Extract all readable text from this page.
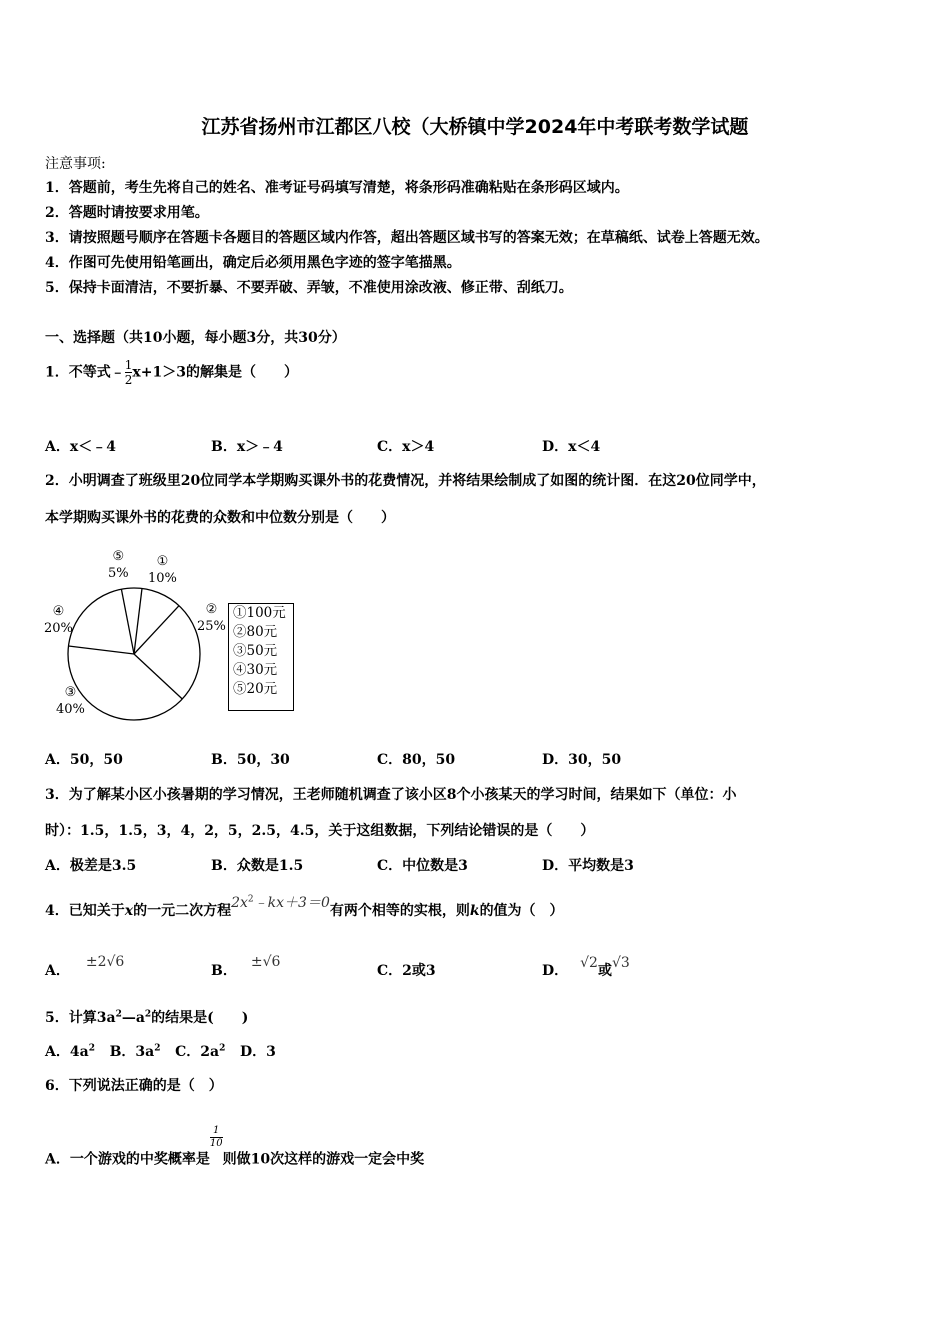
江苏省扬州市江都区八校（大桥镇中学2024年中考联考数学试题
注意事项:
1．答题前，考生先将自己的姓名、准考证号码填写清楚，将条形码准确粘贴在条形码区域内。
2．答题时请按要求用笔。
3．请按照题号顺序在答题卡各题目的答题区域内作答，超出答题区域书写的答案无效；在草稿纸、试卷上答题无效。
4．作图可先使用铅笔画出，确定后必须用黑色字迹的签字笔描黑。
5．保持卡面清洁，不要折暴、不要弄破、弄皱，不准使用涂改液、修正带、刮纸刀。
一、选择题（共10小题，每小题3分，共30分）
1．不等式﹣ $\frac{1}{2} x+1>3$的解集是（　　）
A．x＜﹣4	B．x＞﹣4	C．x＞4	D．x＜4
2．小明调查了班级里20位同学本学期购买课外书的花费情况，并将结果绘制成了如图的统计图．在这20位同学中，
本学期购买课外书的花费的众数和中位数分别是（　　）
⑤
5%
①
10%
②
25%
④
20%
③
40%
①100元
②80元
③50元
④30元
⑤20元
A．50，50	B．50，30	C．80，50	D．30，50
3．为了解某小区小孩暑期的学习情况，王老师随机调查了该小区8个小孩某天的学习时间，结果如下（单位：小
时）：1.5，1.5，3，4，2，5，2.5，4.5，关于这组数据，下列结论错误的是（　　）
A．极差是3.5	B．众数是1.5	C．中位数是3	D．平均数是3
4．已知关于x的一元二次方程$2x^2﹣kx+3=0$有两个相等的实根，则k的值为（　）
A．±2√6
B．±√6
C．2或3	D． √2或√3
5．计算$3a^2—a^2$的结果是(　　)
A．$4a^2$ B．$3a^2$ C．$2a^2$ D．3
6．下列说法正确的是（　）
A．一个游戏的中奖概率是
$\frac{1}{10}$
则做10次这样的游戏一定会中奖
